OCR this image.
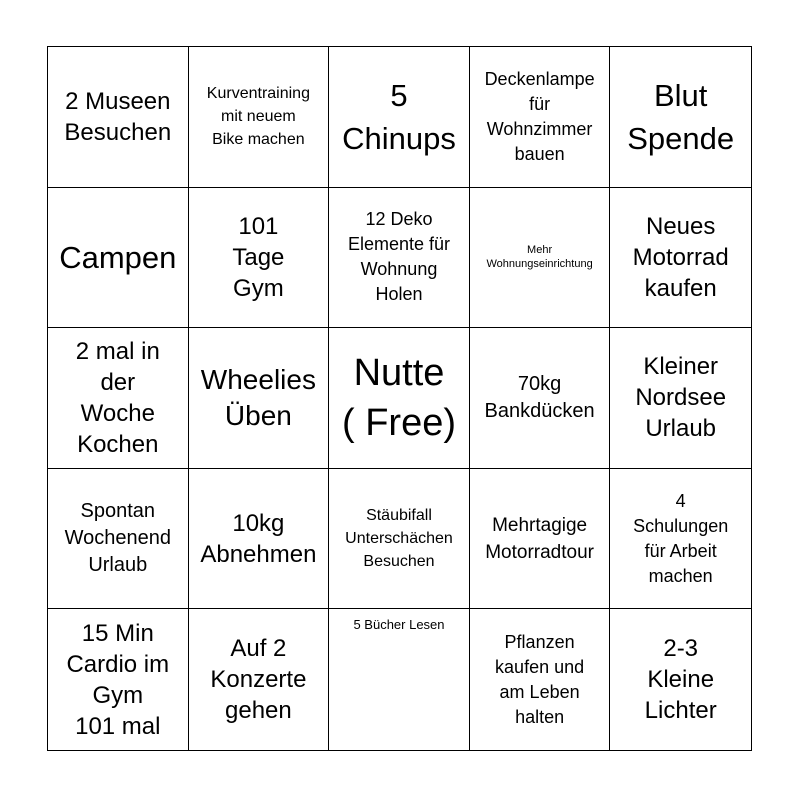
2 Museen
Besuchen
Kurventraining
mit neuem
Bike machen
5
Chinups
Deckenlampe
für
Wohnzimmer
bauen
Blut
Spende
Campen
101
Tage
Gym
12 Deko
Elemente für
Wohnung
Holen
Mehr
Wohnungseinrichtung
Neues
Motorrad
kaufen
2 mal in
der
Woche
Kochen
Wheelies
Üben
Nutte
( Free)
70kg
Bankdücken
Kleiner
Nordsee
Urlaub
Spontan
Wochenend
Urlaub
10kg
Abnehmen
Stäubifall
Unterschächen
Besuchen
Mehrtagige
Motorradtour
4
Schulungen
für Arbeit
machen
15 Min
Cardio im
Gym
101 mal
Auf 2
Konzerte
gehen
5 Bücher Lesen
Pflanzen
kaufen und
am Leben
halten
2-3
Kleine
Lichter
